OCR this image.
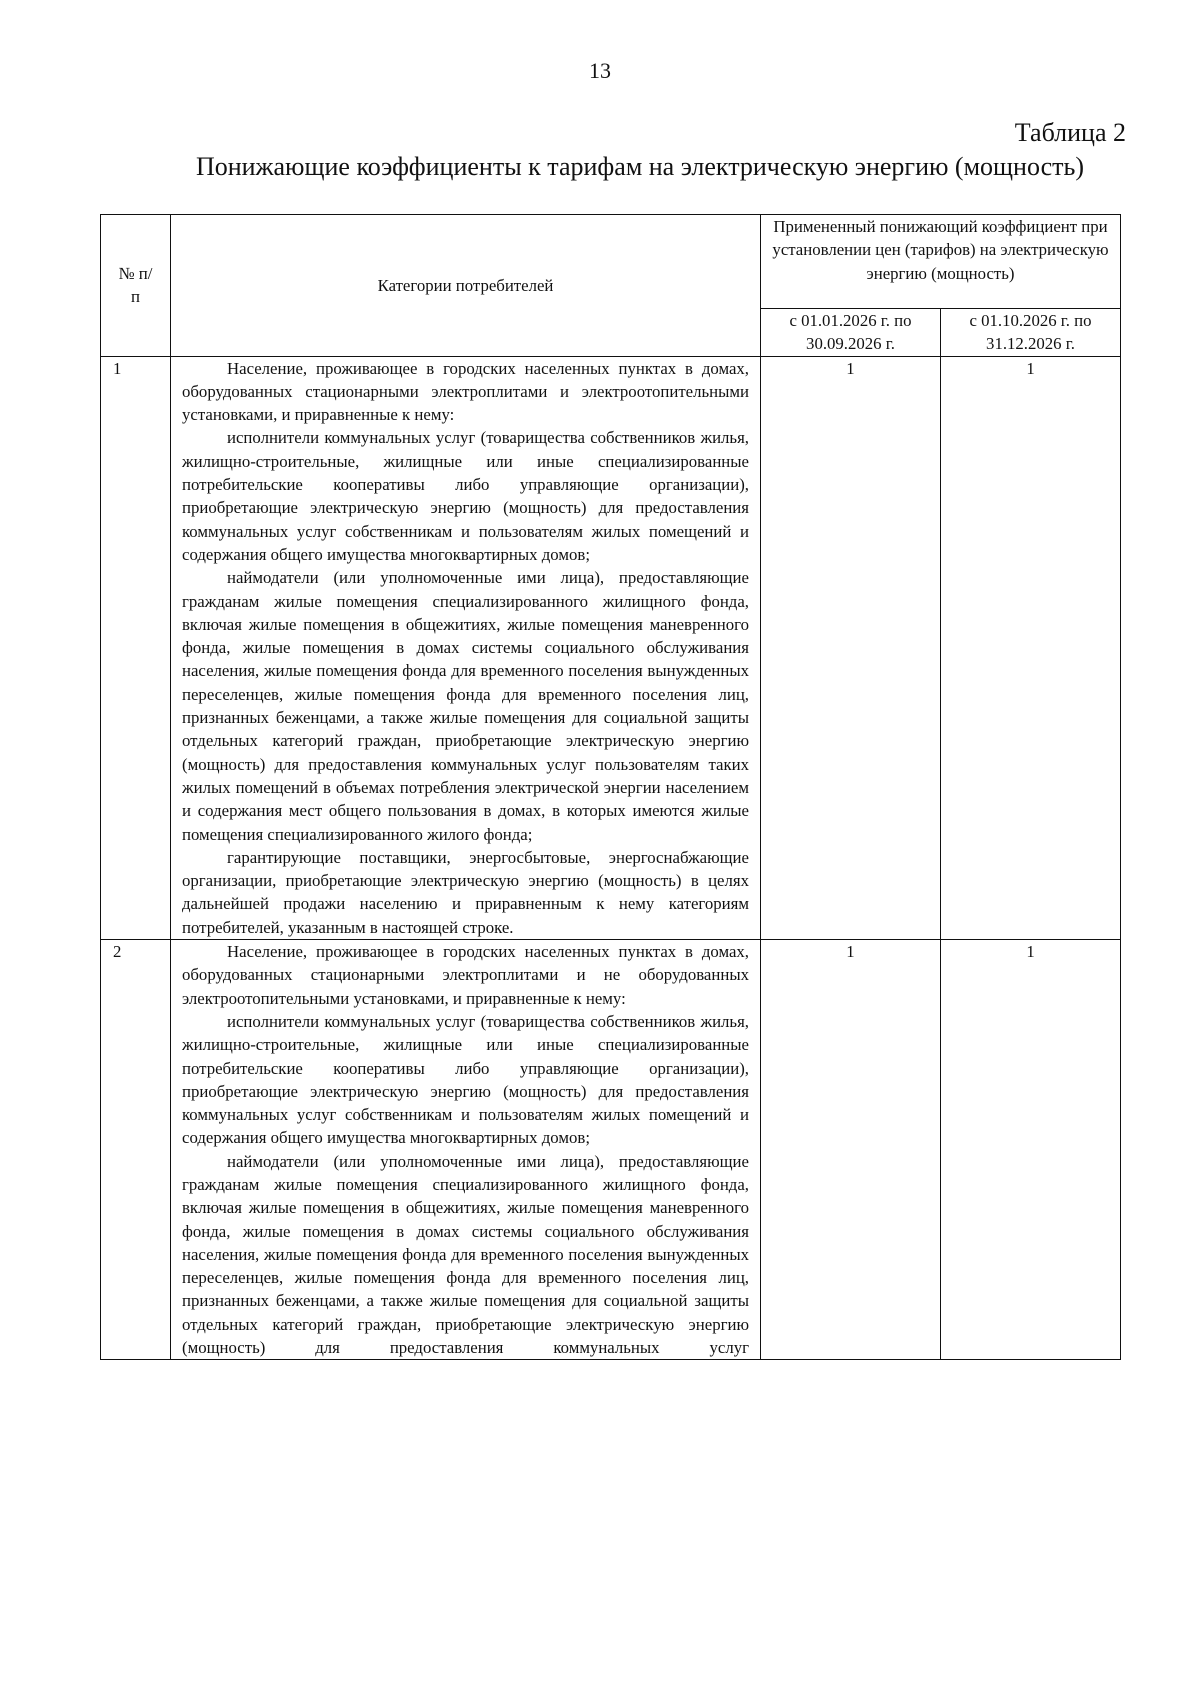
13
Таблица 2
Понижающие коэффициенты к тарифам на электрическую энергию (мощность)
№ п/п	Категории потребителей	Примененный понижающий коэффициент при установлении цен (тарифов) на электрическую энергию (мощность)	
		с 01.01.2026 г. по 30.09.2026 г.	с 01.10.2026 г. по 31.12.2026 г.
1	Население, проживающее в городских населенных пунктах в домах, оборудованных стационарными электроплитами и электроотопительными установками, и приравненные к нему:

исполнители коммунальных услуг (товарищества собственников жилья, жилищно-строительные, жилищные или иные специализированные потребительские кооперативы либо управляющие организации), приобретающие электрическую энергию (мощность) для предоставления коммунальных услуг собственникам и пользователям жилых помещений и содержания общего имущества многоквартирных домов;

наймодатели (или уполномоченные ими лица), предоставляющие гражданам жилые помещения специализированного жилищного фонда, включая жилые помещения в общежитиях, жилые помещения маневренного фонда, жилые помещения в домах системы социального обслуживания населения, жилые помещения фонда для временного поселения вынужденных переселенцев, жилые помещения фонда для временного поселения лиц, признанных беженцами, а также жилые помещения для социальной защиты отдельных категорий граждан, приобретающие электрическую энергию (мощность) для предоставления коммунальных услуг пользователям таких жилых помещений в объемах потребления электрической энергии населением и содержания мест общего пользования в домах, в которых имеются жилые помещения специализированного жилого фонда;

гарантирующие поставщики, энергосбытовые, энергоснабжающие организации, приобретающие электрическую энергию (мощность) в целях дальнейшей продажи населению и приравненным к нему категориям потребителей, указанным в настоящей строке.	1	1
2	Население, проживающее в городских населенных пунктах в домах, оборудованных стационарными электроплитами и не оборудованных электроотопительными установками, и приравненные к нему:

исполнители коммунальных услуг (товарищества собственников жилья, жилищно-строительные, жилищные или иные специализированные потребительские кооперативы либо управляющие организации), приобретающие электрическую энергию (мощность) для предоставления коммунальных услуг собственникам и пользователям жилых помещений и содержания общего имущества многоквартирных домов;

наймодатели (или уполномоченные ими лица), предоставляющие гражданам жилые помещения специализированного жилищного фонда, включая жилые помещения в общежитиях, жилые помещения маневренного фонда, жилые помещения в домах системы социального обслуживания населения, жилые помещения фонда для временного поселения вынужденных переселенцев, жилые помещения фонда для временного поселения лиц, признанных беженцами, а также жилые помещения для социальной защиты отдельных категорий граждан, приобретающие электрическую энергию (мощность) для предоставления коммунальных услуг	1	1
